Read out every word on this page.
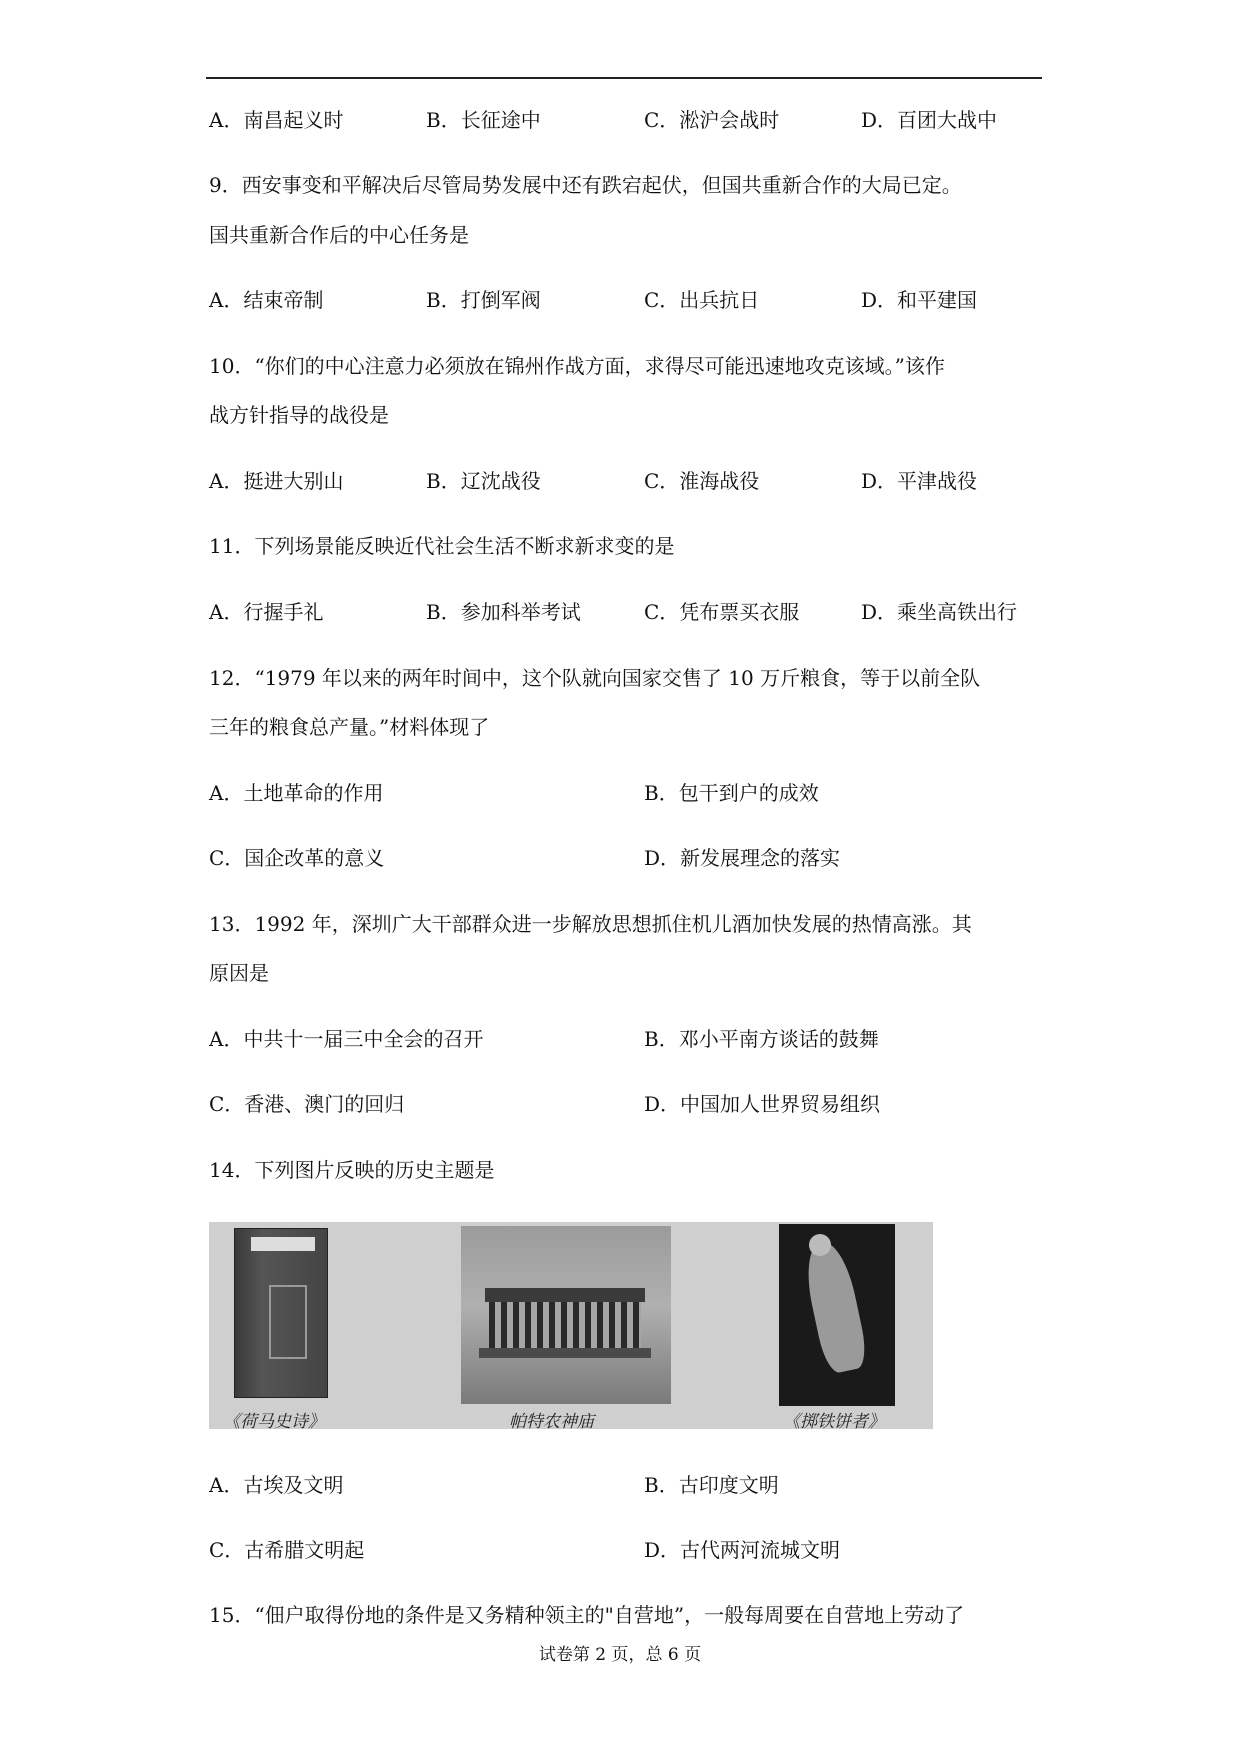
A．南昌起义时	B．长征途中	C．淞沪会战时	D．百团大战中
9．西安事变和平解决后尽管局势发展中还有跌宕起伏，但国共重新合作的大局已定。
国共重新合作后的中心任务是
A．结束帝制	B．打倒军阀	C．出兵抗日	D．和平建国
10．“你们的中心注意力必须放在锦州作战方面，求得尽可能迅速地攻克该域。”该作
战方针指导的战役是
A．挺进大别山	B．辽沈战役	C．淮海战役	D．平津战役
11．下列场景能反映近代社会生活不断求新求变的是
A．行握手礼	B．参加科举考试	C．凭布票买衣服	D．乘坐高铁出行
12．“1979 年以来的两年时间中，这个队就向国家交售了 10 万斤粮食，等于以前全队
三年的粮食总产量。”材料体现了
A．土地革命的作用	B．包干到户的成效
C．国企改革的意义	D．新发展理念的落实
13．1992 年，深圳广大干部群众进一步解放思想抓住机儿酒加快发展的热情高涨。其
原因是
A．中共十一届三中全会的召开	B．邓小平南方谈话的鼓舞
C．香港、澳门的回归	D．中国加人世界贸易组织
14．下列图片反映的历史主题是
《荷马史诗》	帕特农神庙	《掷铁饼者》
A．古埃及文明	B．古印度文明
C．古希腊文明起	D．古代两河流城文明
15．“佃户取得份地的条件是又务精种领主的"自营地”，一般每周要在自营地上劳动了
试卷第 2 页，总 6 页
